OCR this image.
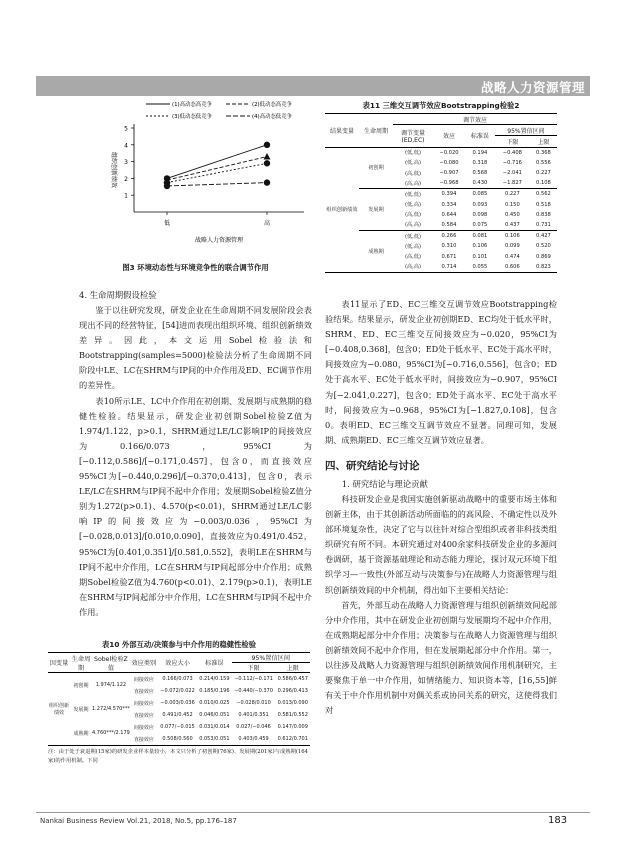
战略人力资源管理
1
2
3
4
5
低	高
战略人力资源管理
组织创新绩效
(1)高动态高竞争	(2)低动态高竞争
(3)低动态低竞争	(4)高动态低竞争
图3 环境动态性与环境竞争性的联合调节作用
4. 生命周期假设检验

鉴于以往研究发现，研发企业在生命周期不同发展阶段会表现出不同的经营特征，[54]进而表现出组织环境、组织创新绩效差异。因此，本文运用Sobel检验法和Bootstrapping(samples=5000)检验法分析了生命周期不同阶段中LE、LC在SHRM与IP间的中介作用及ED、EC调节作用的差异性。

表10所示LE、LC中介作用在初创期、发展期与成熟期的稳健性检验。结果显示，研发企业初创期Sobel检验Z值为1.974/1.122，p>0.1，SHRM通过LE/LC影响IP的间接效应为0.166/0.073，95%CI为[−0.112,0.586]/[−0.171,0.457]，包含0，而直接效应95%CI为[−0.440,0.296]/[−0.370,0.413]，包含0，表示LE/LC在SHRM与IP间不起中介作用；发展期Sobel检验Z值分别为1.272(p>0.1)、4.570(p<0.01)，SHRM通过LE/LC影响IP的间接效应为−0.003/0.036，95%CI为[−0.028,0.013]/[0.010,0.090]，直接效应为0.491/0.452，95%CI为[0.401,0.351]/[0.581,0.552]，表明LE在SHRM与IP间不起中介作用，LC在SHRM与IP间起部分中介作用；成熟期Sobel检验Z值为4.760(p<0.01)、2.179(p>0.1)，表明LE在SHRM与IP间起部分中介作用，LC在SHRM与IP间不起中介作用。

表10 外部互动/决策参与中介作用的稳健性检验
因变量	生命周期	Sobel检验Z值	效应类别	效应大小	标准误	95%置信区间	
						下限	上限
组织创新绩效	初创期	1.974/1.122	间接效应	0.166/0.073	0.214/0.159	−0.112/−0.171	0.586/0.457
			直接效应	−0.072/0.022	0.185/0.196	−0.440/−0.370	0.296/0.413
	发展期	1.272/4.570***	间接效应	−0.003/0.036	0.010/0.025	−0.028/0.010	0.013/0.090
			直接效应	0.491/0.452	0.046/0.051	0.401/0.351	0.581/0.552
	成熟期	4.760***/2.179	间接效应	0.077/−0.015	0.031/0.014	0.027/−0.046	0.147/0.009
			直接效应	0.508/0.560	0.053/0.051	0.403/0.459	0.612/0.701
注：由于处于衰退期(15家)的研发企业样本量较小，本文只分析了初创期(76家)、发展期(201家)与成熟期(164家)的作用机制。下同
表11 三维交互调节效应Bootstrapping检验2
结果变量	生命周期	调节效应				
		调节变量(ED,EC)	效应	标准误	95%置信区间	
					下限	上限
组织创新绩效	初创期	(低,低)	−0.020	0.194	−0.408	0.368
		(低,高)	−0.080	0.318	−0.716	0.556
		(高,低)	−0.907	0.568	−2.041	0.227
		(高,高)	−0.968	0.430	−1.827	0.108
	发展期	(低,低)	0.394	0.085	0.227	0.562
		(低,高)	0.334	0.093	0.150	0.518
		(高,低)	0.644	0.098	0.450	0.838
		(高,高)	0.584	0.075	0.437	0.731
	成熟期	(低,低)	0.266	0.081	0.106	0.427
		(低,高)	0.310	0.106	0.099	0.520
		(高,低)	0.671	0.101	0.474	0.869
		(高,高)	0.714	0.055	0.606	0.823

表11显示了ED、EC三维交互调节效应Bootstrapping检验结果。结果显示，研发企业初创期ED、EC均处于低水平时，SHRM、ED、EC三维交互间接效应为−0.020，95%CI为[−0.408,0.368]，包含0；ED处于低水平、EC处于高水平时，间接效应为−0.080，95%CI为[−0.716,0.556]，包含0；ED处于高水平、EC处于低水平时，间接效应为−0.907，95%CI为[−2.041,0.227]，包含0；ED处于高水平、EC处于高水平时，间接效应为−0.968，95%CI为[−1.827,0.108]，包含0。表明ED、EC三维交互调节效应不显著。同理可知，发展期、成熟期ED、EC三维交互调节效应显著。

四、研究结论与讨论
1. 研究结论与理论贡献

科技研发企业是我国实施创新驱动战略中的重要市场主体和创新主体，由于其创新活动所面临的的高风险、不确定性以及外部环境复杂性，决定了它与以往针对综合型组织或者非科技类组织研究有所不同。本研究通过对400余家科技研发企业的多源问卷调研，基于资源基础理论和动态能力理论，探讨双元环境下组织学习—一致性(外部互动与决策参与)在战略人力资源管理与组织创新绩效间的中介机制，得出如下主要相关结论：

首先，外部互动在战略人力资源管理与组织创新绩效间起部分中介作用，其中在研发企业初创期与发展期均不起中介作用，在成熟期起部分中介作用；决策参与在战略人力资源管理与组织创新绩效间不起中介作用，但在发展期起部分中介作用。第一，以往涉及战略人力资源管理与组织创新绩效间作用机制研究，主要聚焦于单一中介作用，如情绪能力、知识资本等，[16,55]鲜有关于中介作用机制中对偶关系或协同关系的研究，这使得我们对

Nankai Business Review Vol.21, 2018, No.5, pp.176–187	183
